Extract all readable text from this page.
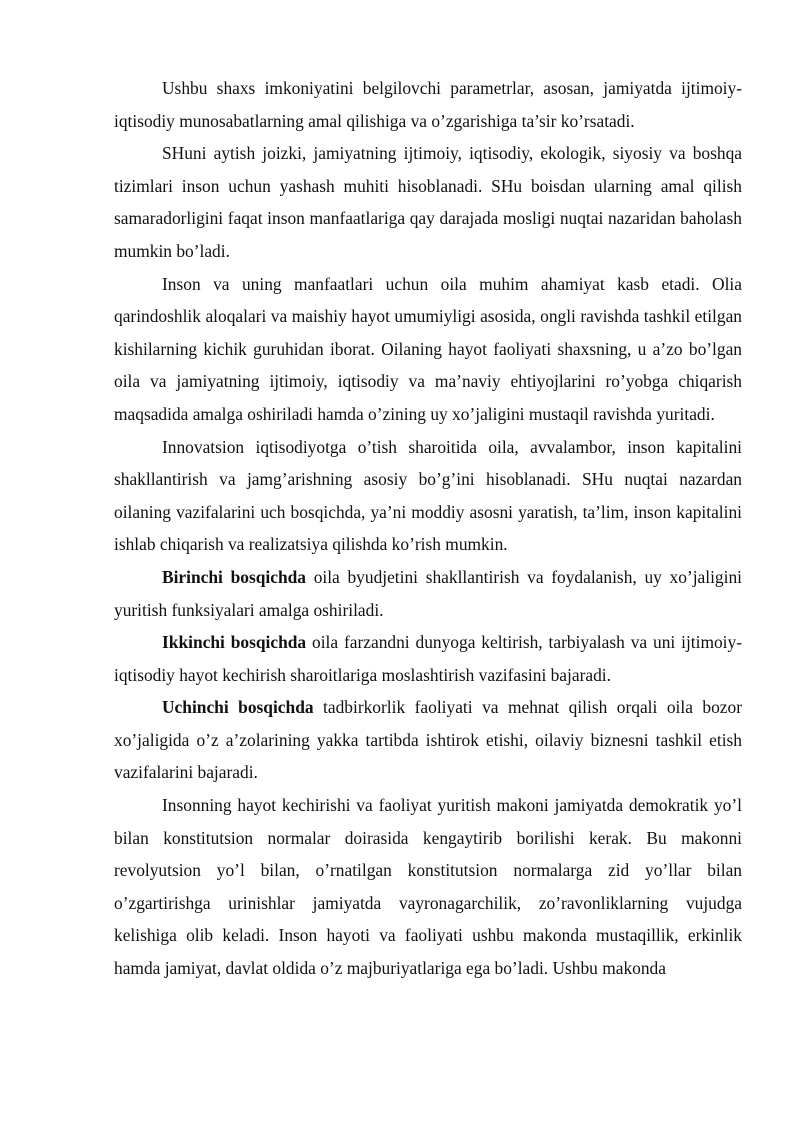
Ushbu shaxs imkoniyatini belgilovchi parametrlar, asosan, jamiyatda ijtimoiy- iqtisodiy munosabatlarning amal qilishiga va o’zgarishiga ta’sir ko’rsatadi.

SHuni aytish joizki, jamiyatning ijtimoiy, iqtisodiy, ekologik, siyosiy va boshqa tizimlari inson uchun yashash muhiti hisoblanadi. SHu boisdan ularning amal qilish samaradorligini faqat inson manfaatlariga qay darajada mosligi nuqtai nazaridan baholash mumkin bo’ladi.

Inson va uning manfaatlari uchun oila muhim ahamiyat kasb etadi. Olia qarindoshlik aloqalari va maishiy hayot umumiyligi asosida, ongli ravishda tashkil etilgan kishilarning kichik guruhidan iborat. Oilaning hayot faoliyati shaxsning, u a’zo bo’lgan oila va jamiyatning ijtimoiy, iqtisodiy va ma’naviy ehtiyojlarini ro’yobga chiqarish maqsadida amalga oshiriladi hamda o’zining uy xo’jaligini mustaqil ravishda yuritadi.

Innovatsion iqtisodiyotga o’tish sharoitida oila, avvalambor, inson kapitalini shakllantirish va jamg’arishning asosiy bo’g’ini hisoblanadi. SHu nuqtai nazardan oilaning vazifalarini uch bosqichda, ya’ni moddiy asosni yaratish, ta’lim, inson kapitalini ishlab chiqarish va realizatsiya qilishda ko’rish mumkin.

Birinchi bosqichda oila byudjetini shakllantirish va foydalanish, uy xo’jaligini yuritish funksiyalari amalga oshiriladi.

Ikkinchi bosqichda oila farzandni dunyoga keltirish, tarbiyalash va uni ijtimoiy-iqtisodiy hayot kechirish sharoitlariga moslashtirish vazifasini bajaradi.

Uchinchi bosqichda tadbirkorlik faoliyati va mehnat qilish orqali oila bozor xo’jaligida o’z a’zolarining yakka tartibda ishtirok etishi, oilaviy biznesni tashkil etish vazifalarini bajaradi.

Insonning hayot kechirishi va faoliyat yuritish makoni jamiyatda demokratik yo’l bilan konstitutsion normalar doirasida kengaytirib borilishi kerak. Bu makonni revolyutsion yo’l bilan, o’rnatilgan konstitutsion normalarga zid yo’llar bilan o’zgartirishga urinishlar jamiyatda vayronagarchilik, zo’ravonliklarning vujudga kelishiga olib keladi. Inson hayoti va faoliyati ushbu makonda mustaqillik, erkinlik hamda jamiyat, davlat oldida o’z majburiyatlariga ega bo’ladi. Ushbu makonda
